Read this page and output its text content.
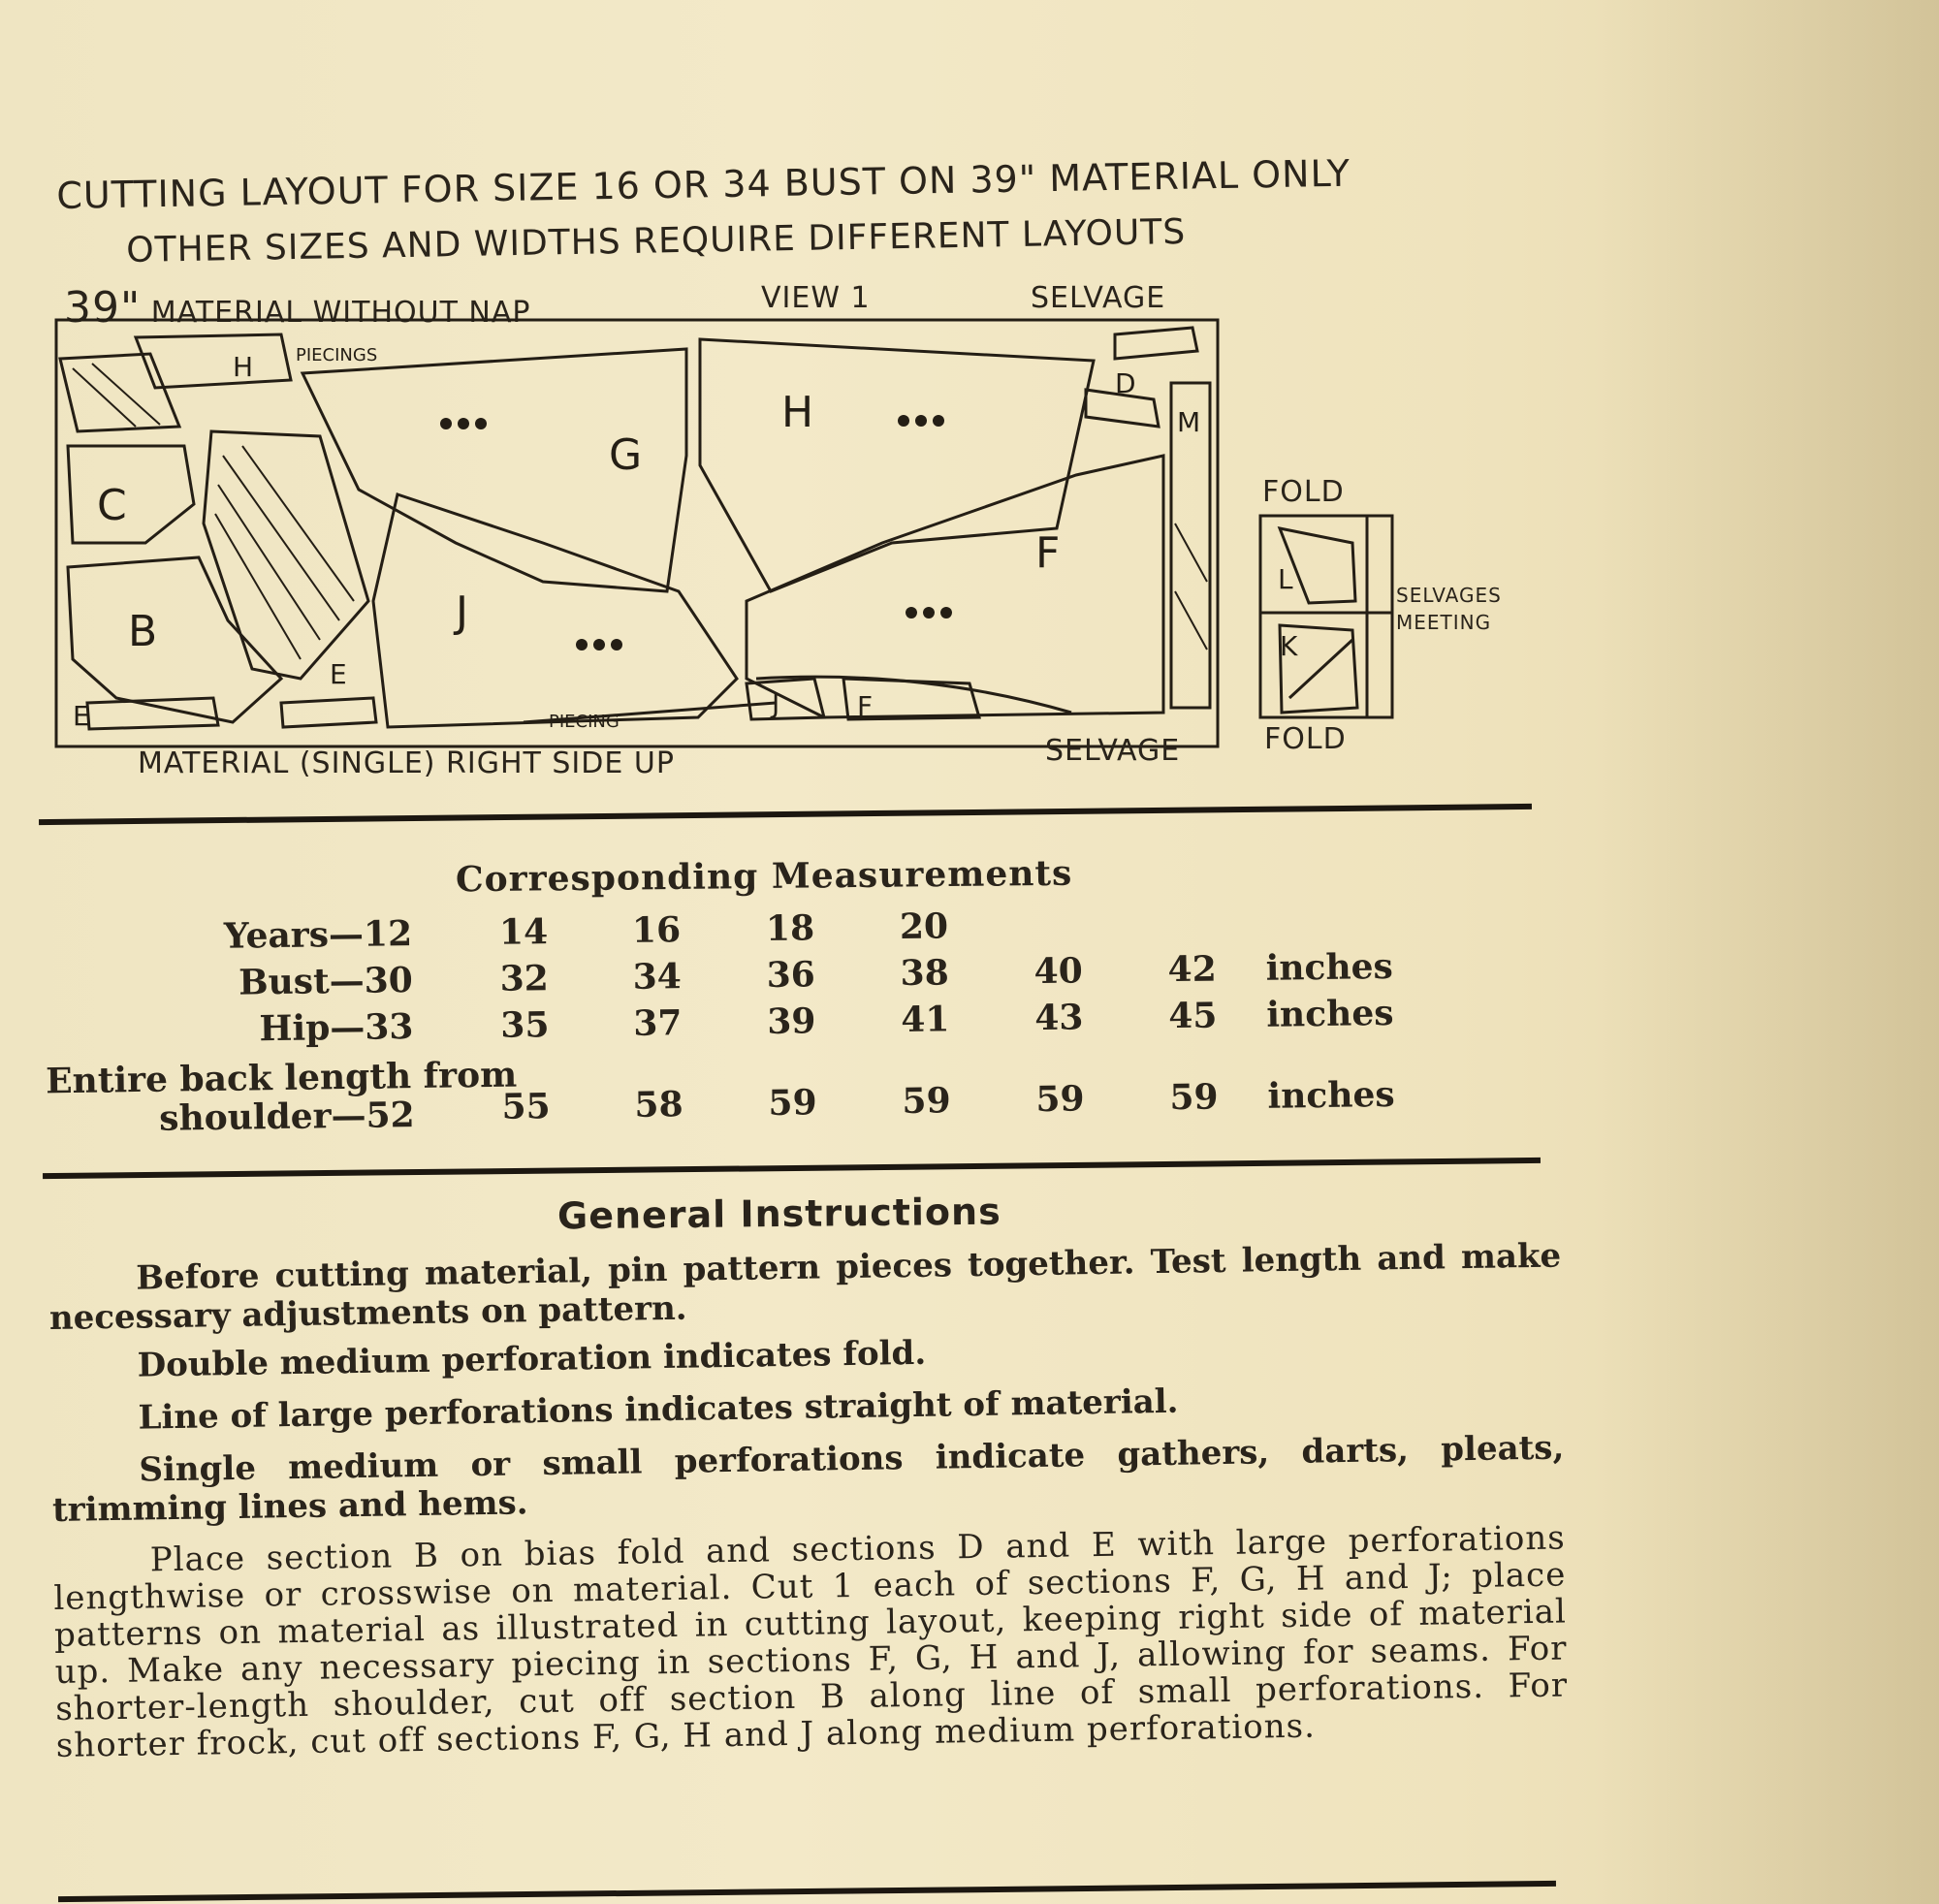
CUTTING LAYOUT FOR SIZE 16 OR 34 BUST ON 39" MATERIAL ONLY
OTHER SIZES AND WIDTHS REQUIRE DIFFERENT LAYOUTS
39" MATERIAL WITHOUT NAP	VIEW 1	SELVAGE
G
H
F
J
B
C
H
D
M
E
E	J	F
L
K
PIECINGS
PIECING
SELVAGES
MEETING
FOLD
FOLD
MATERIAL (SINGLE) RIGHT SIDE UP	SELVAGE
Corresponding Measurements
Years—12	14	16	18	20
Bust—30	32	34	36	38	40	42	inches
Hip—33	35	37	39	41	43	45	inches
Entire back length from
shoulder—52	55	58	59	59	59	59	inches
General Instructions

Before cutting material, pin pattern pieces together. Test length and make necessary adjustments on pattern.

Double medium perforation indicates fold.

Line of large perforations indicates straight of material.

Single medium or small perforations indicate gathers, darts, pleats, trimming lines and hems.

Place section B on bias fold and sections D and E with large perforations lengthwise or crosswise on material. Cut 1 each of sections F, G, H and J; place patterns on material as illustrated in cutting layout, keeping right side of material up. Make any necessary piecing in sections F, G, H and J, allowing for seams. For shorter-length shoulder, cut off section B along line of small perforations. For shorter frock, cut off sections F, G, H and J along medium perforations.
